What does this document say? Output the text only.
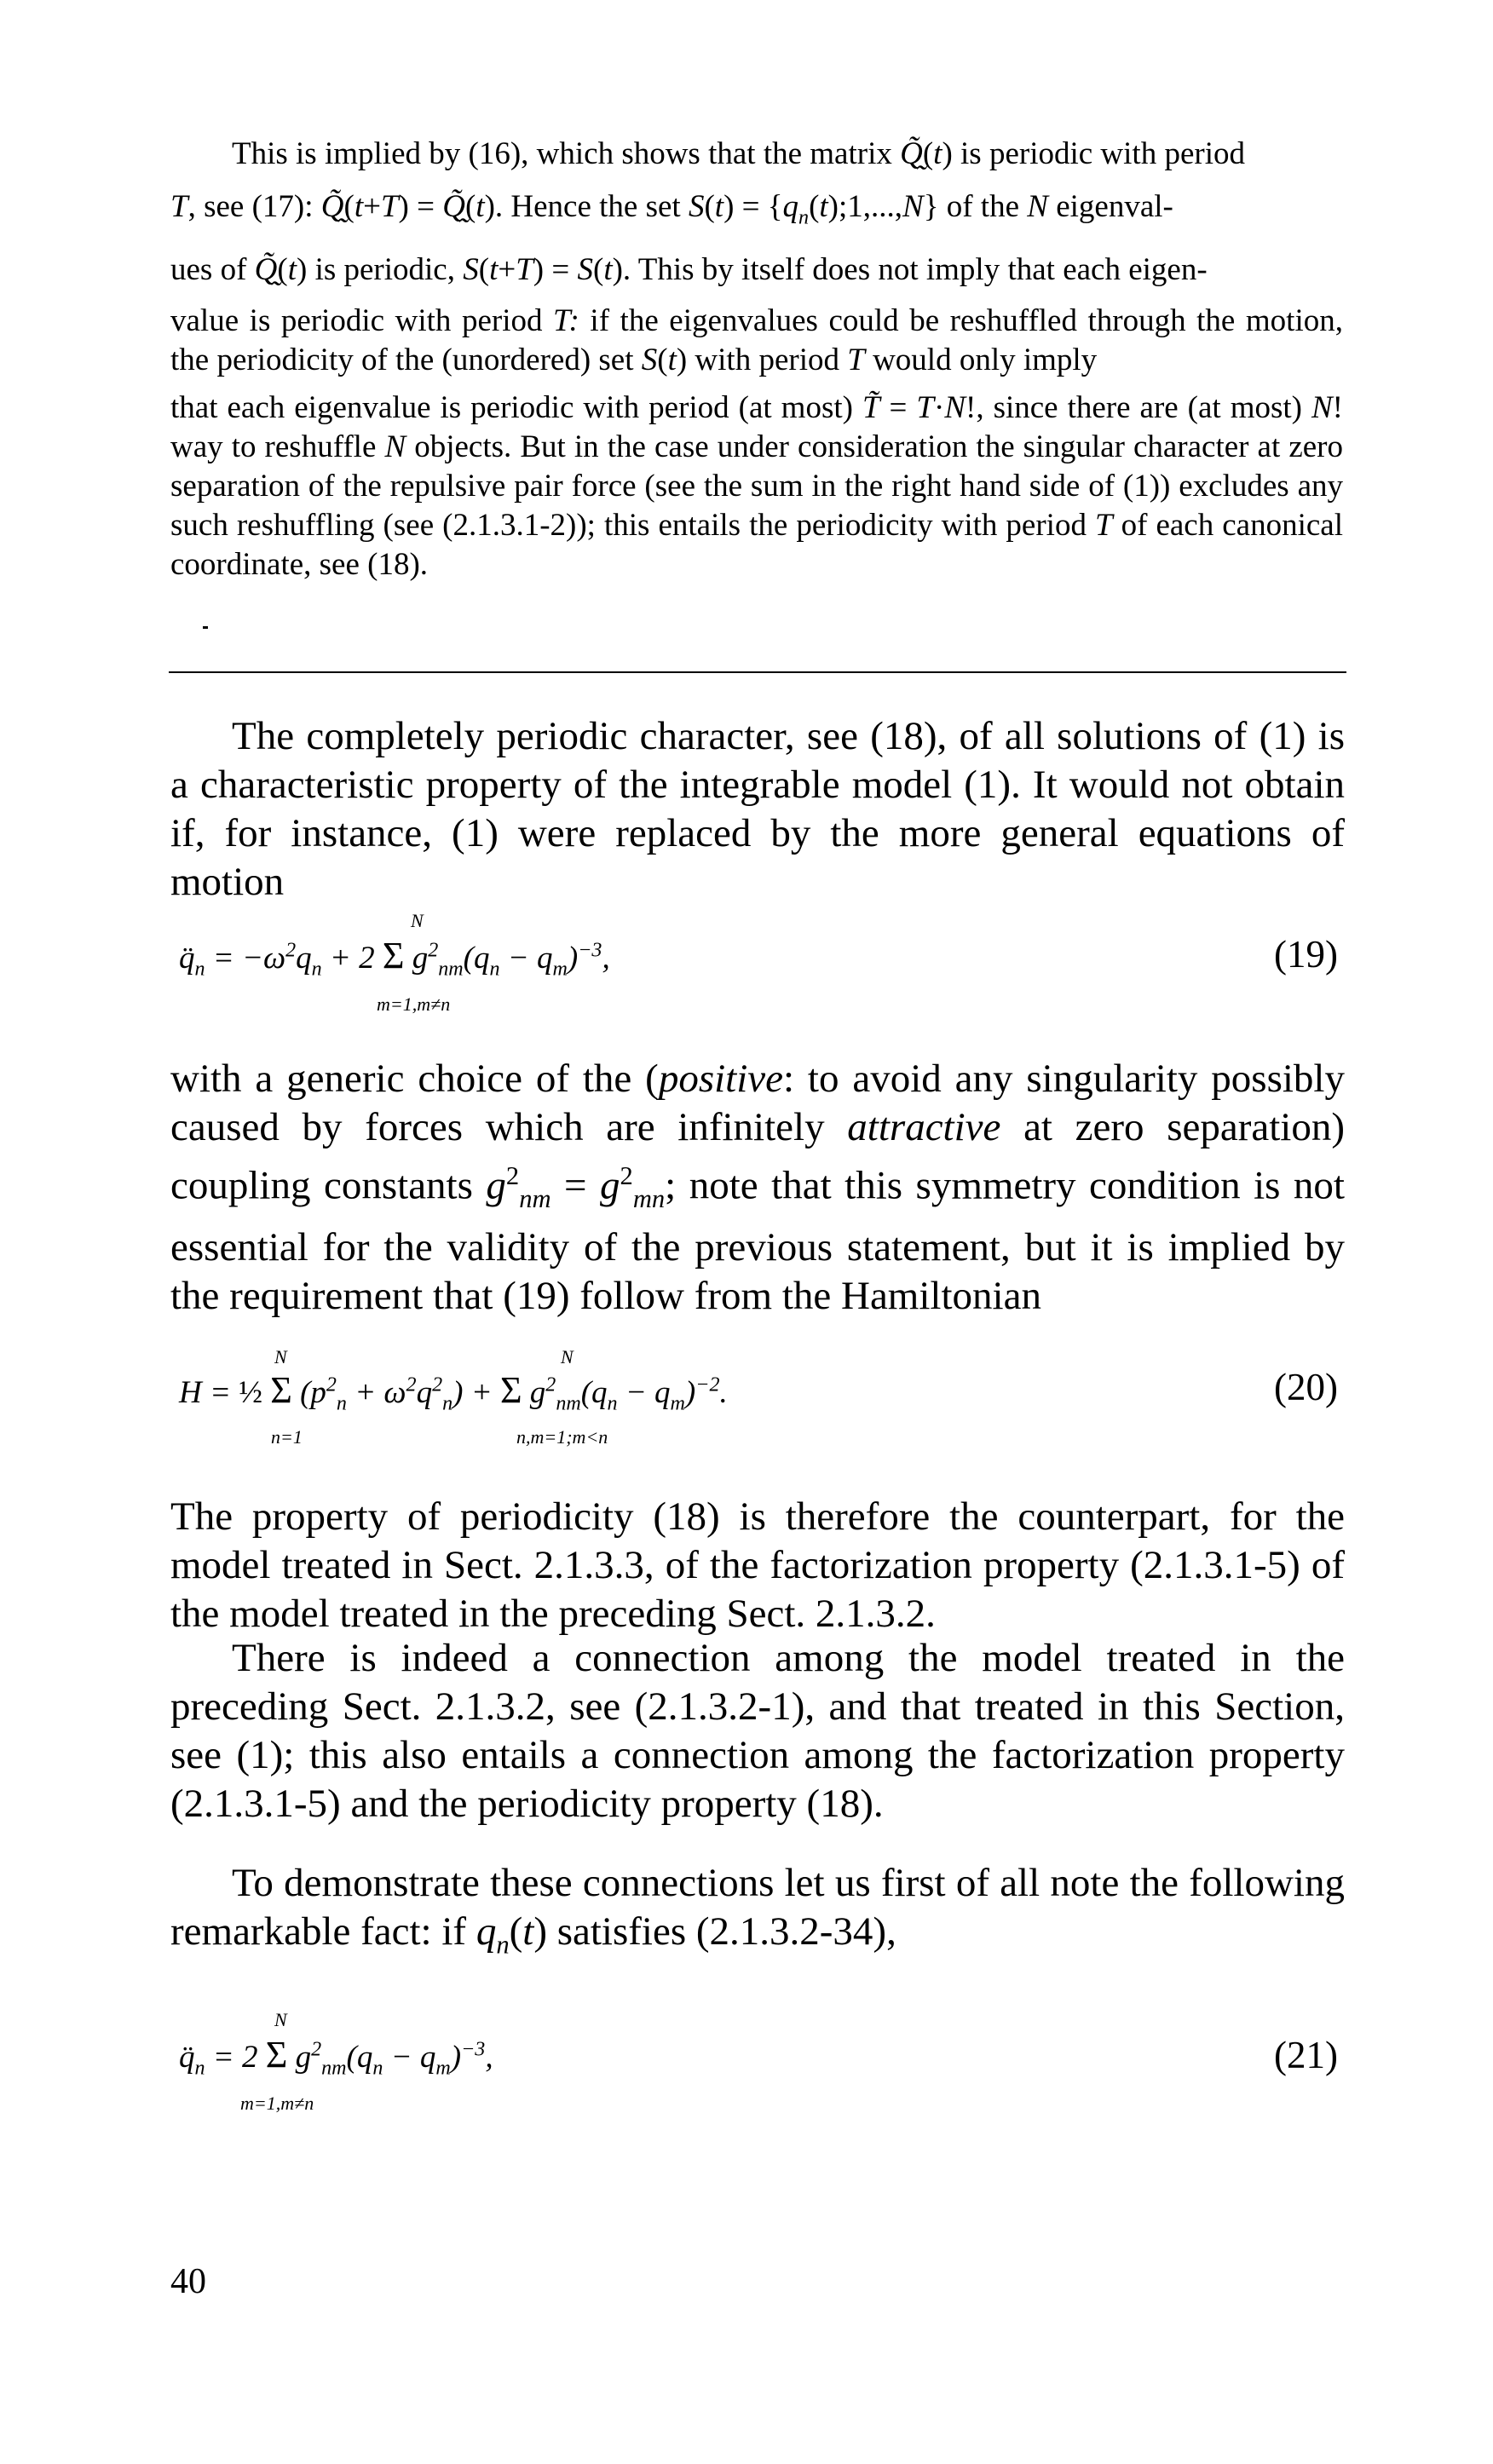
This is implied by (16), which shows that the matrix Q̰̃(t) is periodic with period

T, see (17): Q̰̃(t+T) = Q̰̃(t). Hence the set $S(t) = \{q_n(t);1,...,N\}$ of the N eigenval-

ues of Q̰̃(t) is periodic, S(t+T) = S(t). This by itself does not imply that each eigen-

value is periodic with period T: if the eigenvalues could be reshuffled through the motion, the periodicity of the (unordered) set S(t) with period T would only imply

that each eigenvalue is periodic with period (at most) T̃ = T·N!, since there are (at most) N! way to reshuffle N objects. But in the case under consideration the singular character at zero separation of the repulsive pair force (see the sum in the right hand side of (1)) excludes any such reshuffling (see (2.1.3.1-2)); this entails the periodicity with period T of each canonical coordinate, see (18).

The completely periodic character, see (18), of all solutions of (1) is a characteristic property of the integrable model (1). It would not obtain if, for instance, (1) were replaced by the more general equations of motion
$q̈_n = -\omega^2q_n + 2$ Σ $g^2_{nm}(q_n - q_m)^{-3}$,
N
m=1,m≠n
(19)
with a generic choice of the (positive: to avoid any singularity possibly caused by forces which are infinitely attractive at zero separation) coupling constants $g^2_{nm} = g^2_{mn}$; note that this symmetry condition is not essential for the validity of the previous statement, but it is implied by the requirement that (19) follow from the Hamiltonian
H = ½ Σ $(p^2_n + \omega^2q^2_n) + \Sigma$ $g^2_{nm}(q_n - q_m)^{-2}$.
N
n=1
N
n,m=1;m<n
(20)
The property of periodicity (18) is therefore the counterpart, for the model treated in Sect. 2.1.3.3, of the factorization property (2.1.3.1-5) of the model treated in the preceding Sect. 2.1.3.2.
There is indeed a connection among the model treated in the preceding Sect. 2.1.3.2, see (2.1.3.2-1), and that treated in this Section, see (1); this also entails a connection among the factorization property (2.1.3.1-5) and the periodicity property (18).
To demonstrate these connections let us first of all note the following remarkable fact: if $q_n(t)$ satisfies (2.1.3.2-34),
$q̈_n = 2$ Σ $g^2_{nm}(q_n - q_m)^{-3}$,
N
m=1,m≠n
(21)
40
